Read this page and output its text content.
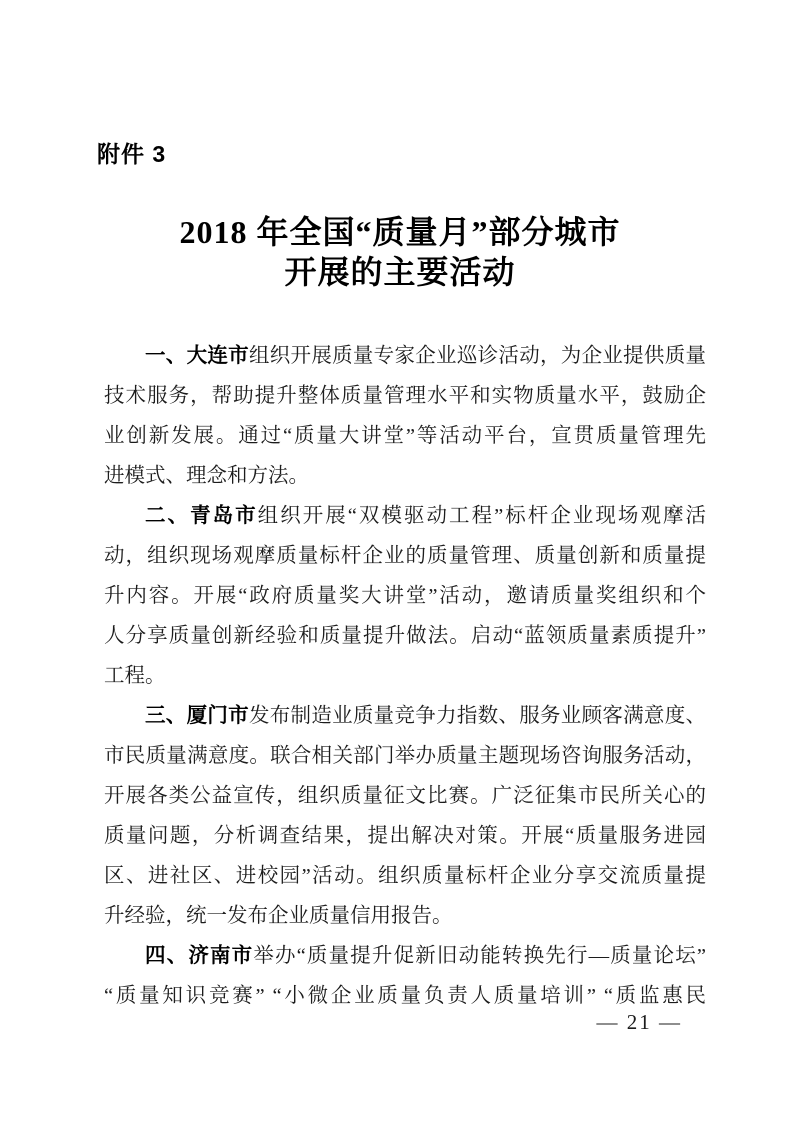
附件 3
2018 年全国“质量月”部分城市
开展的主要活动
一、大连市组织开展质量专家企业巡诊活动，为企业提供质量
技术服务，帮助提升整体质量管理水平和实物质量水平，鼓励企
业创新发展。通过“质量大讲堂”等活动平台，宣贯质量管理先
进模式、理念和方法。
二、青岛市组织开展“双模驱动工程”标杆企业现场观摩活
动，组织现场观摩质量标杆企业的质量管理、质量创新和质量提
升内容。开展“政府质量奖大讲堂”活动，邀请质量奖组织和个
人分享质量创新经验和质量提升做法。启动“蓝领质量素质提升”
工程。
三、厦门市发布制造业质量竞争力指数、服务业顾客满意度、
市民质量满意度。联合相关部门举办质量主题现场咨询服务活动，
开展各类公益宣传，组织质量征文比赛。广泛征集市民所关心的
质量问题，分析调查结果，提出解决对策。开展“质量服务进园
区、进社区、进校园”活动。组织质量标杆企业分享交流质量提
升经验，统一发布企业质量信用报告。
四、济南市举办“质量提升促新旧动能转换先行—质量论坛”
“质量知识竞赛” “小微企业质量负责人质量培训” “质监惠民
— 21 —
